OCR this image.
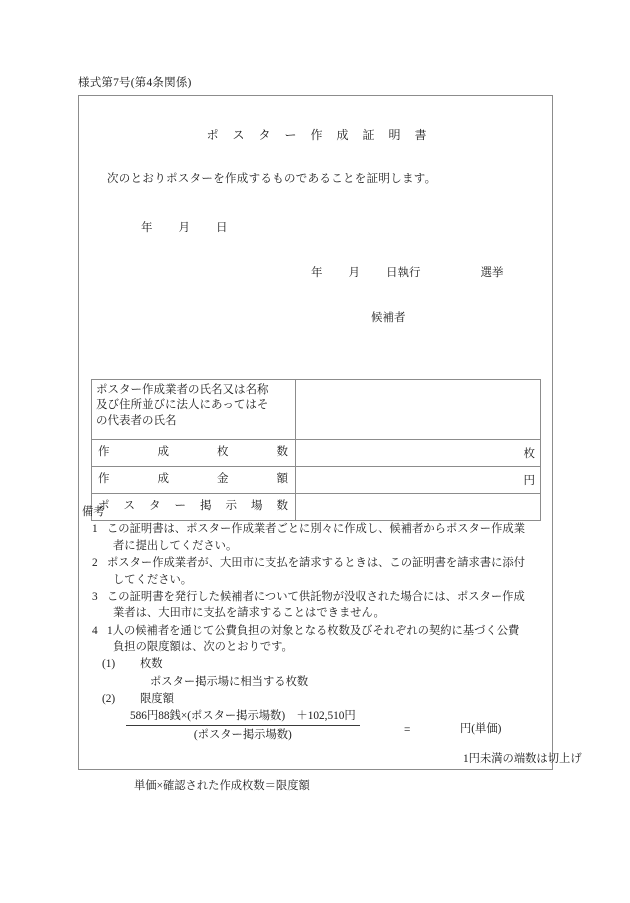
様式第7号(第4条関係)
ポ ス タ ー 作 成 証 明 書
次のとおりポスターを作成するものであることを証明します。
年 月 日
年 月 日執行	選挙
候補者
ポスター作成業者の氏名又は名称
及び住所並びに法人にあってはそ
の代表者の氏名	

作 成 枚 数	枚

作 成 金 額	円

ポ ス タ ー 掲 示 場 数

備考
1 この証明書は、ポスター作成業者ごとに別々に作成し、候補者からポスター作成業
者に提出してください。
2 ポスター作成業者が、大田市に支払を請求するときは、この証明書を請求書に添付
してください。
3 この証明書を発行した候補者について供託物が没収された場合には、ポスター作成
業者は、大田市に支払を請求することはできません。
4 1人の候補者を通じて公費負担の対象となる枚数及びそれぞれの契約に基づく公費
負担の限度額は、次のとおりです。
(1) 枚数
ポスター掲示場に相当する枚数
(2) 限度額
586円88銭×(ポスター掲示場数)　＋102,510円
(ポスター掲示場数)	=	円(単価)
1円未満の端数は切上げ
単価×確認された作成枚数＝限度額
